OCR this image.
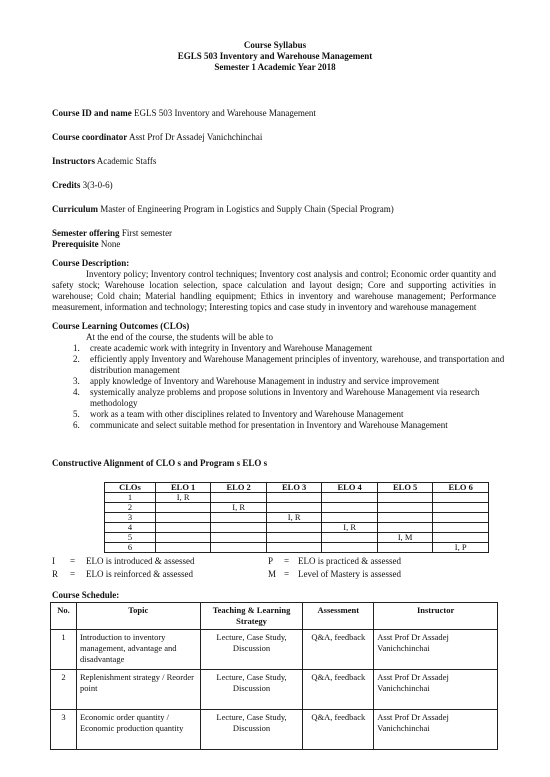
Course Syllabus
EGLS 503 Inventory and Warehouse Management
Semester 1 Academic Year 2018
Course ID and name EGLS 503 Inventory and Warehouse Management
Course coordinator Asst Prof Dr Assadej Vanichchinchai
Instructors Academic Staffs
Credits 3(3-0-6)
Curriculum Master of Engineering Program in Logistics and Supply Chain (Special Program)
Semester offering First semester
Prerequisite None
Course Description:
Inventory policy; Inventory control techniques; Inventory cost analysis and control; Economic order quantity and safety stock; Warehouse location selection, space calculation and layout design; Core and supporting activities in warehouse; Cold chain; Material handling equipment; Ethics in inventory and warehouse management; Performance measurement, information and technology; Interesting topics and case study in inventory and warehouse management
Course Learning Outcomes (CLOs)
At the end of the course, the students will be able to
1. create academic work with integrity in Inventory and Warehouse Management
2. efficiently apply Inventory and Warehouse Management principles of inventory, warehouse, and transportation and distribution management
3. apply knowledge of Inventory and Warehouse Management in industry and service improvement
4. systemically analyze problems and propose solutions in Inventory and Warehouse Management via research methodology
5. work as a team with other disciplines related to Inventory and Warehouse Management
6. communicate and select suitable method for presentation in Inventory and Warehouse Management
Constructive Alignment of CLO s and Program s ELO s
CLOs	ELO 1	ELO 2	ELO 3	ELO 4	ELO 5	ELO 6
1	I, R					
2		I, R				
3			I, R			
4				I, R		
5					I, M	
6						I, P
I = ELO is introduced & assessed	P = ELO is practiced & assessed
R = ELO is reinforced & assessed	M = Level of Mastery is assessed
Course Schedule:
No.	Topic	Teaching & Learning Strategy	Assessment	Instructor
1	Introduction to inventory management, advantage and disadvantage	Lecture, Case Study, Discussion	Q&A, feedback	Asst Prof Dr Assadej Vanichchinchai
2	Replenishment strategy / Reorder point	Lecture, Case Study, Discussion	Q&A, feedback	Asst Prof Dr Assadej Vanichchinchai
3	Economic order quantity / Economic production quantity	Lecture, Case Study, Discussion	Q&A, feedback	Asst Prof Dr Assadej Vanichchinchai
